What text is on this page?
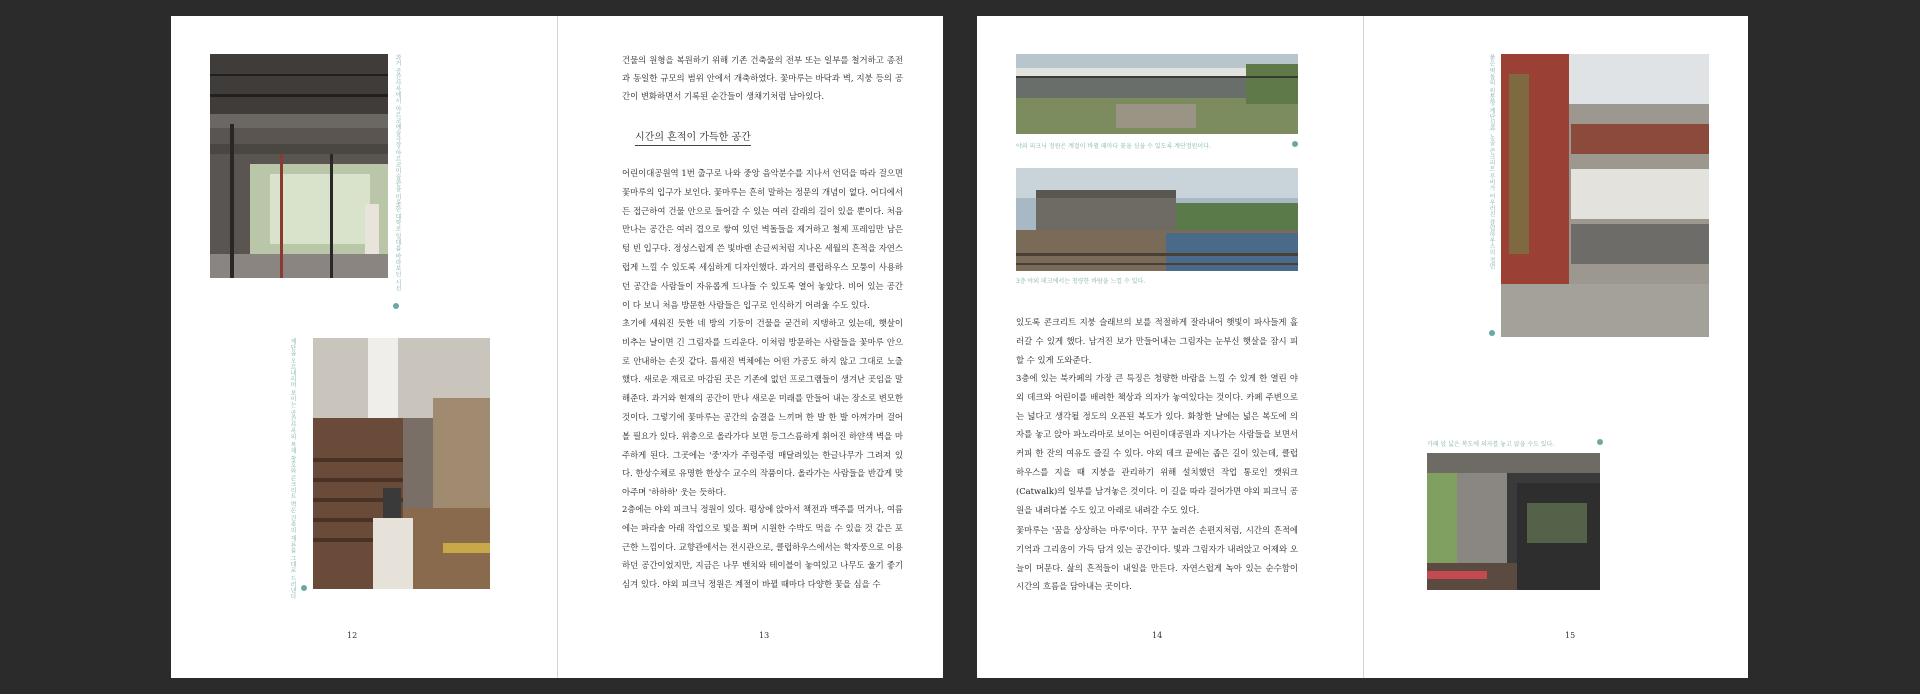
과거 공간사옥에서 아르코예술극장·아르코미술관을 비롯한 대학로 일대를 바라보던 시선
계단을 오르내리며 보이는 공간사옥의 목재 창호와 콘크리트 벽은 건축의 재료를 그대로 드러낸다
12

건물의 원형을 복원하기 위해 기존 건축물의 전부 또는 일부를 철거하고 종전과 동일한 규모의 범위 안에서 개축하였다. 꽃마루는 바닥과 벽, 지붕 등의 공간이 변화하면서 기록된 순간들이 생채기처럼 남아있다.

시간의 흔적이 가득한 공간

어린이대공원역 1번 출구로 나와 중앙 음악분수를 지나서 언덕을 따라 걸으면 꽃마루의 입구가 보인다. 꽃마루는 흔히 말하는 정문의 개념이 없다. 어디에서든 접근하여 건물 안으로 들어갈 수 있는 여러 갈래의 길이 있을 뿐이다. 처음 만나는 공간은 여러 겹으로 쌓여 있던 벽돌들을 제거하고 철제 프레임만 남은 텅 빈 입구다. 정성스럽게 쓴 빛바랜 손글씨처럼 지나온 세월의 흔적을 자연스럽게 느낄 수 있도록 세심하게 디자인했다. 과거의 클럽하우스 모퉁이 사용하던 공간을 사람들이 자유롭게 드나들 수 있도록 열어 놓았다. 비어 있는 공간이 다 보니 처음 방문한 사람들은 입구로 인식하기 어려울 수도 있다.

초기에 세워진 듯한 네 방의 기둥이 건물을 굳건히 지탱하고 있는데, 햇살이 비추는 날이면 긴 그림자를 드리운다. 이처럼 방문하는 사람들을 꽃마루 안으로 안내하는 손짓 같다. 틈새진 벽체에는 어떤 가공도 하지 않고 그대로 노출했다. 새로운 재료로 마감된 곳은 기존에 없던 프로그램들이 생겨난 곳임을 말해준다. 과거와 현재의 공간이 만나 새로운 미래를 만들어 내는 장소로 변모한 것이다. 그렇기에 꽃마루는 공간의 숨결을 느끼며 한 발 한 발 아껴가며 걸어볼 필요가 있다. 위층으로 올라가다 보면 등그스름하게 휘어진 하얀색 벽을 마주하게 된다. 그곳에는 '중'자가 주렁주렁 매달려있는 한글나무가 그려져 있다. 한상수체로 유명한 한상수 교수의 작품이다. 올라가는 사람들을 반갑게 맞아주며 '하하하' 웃는 듯하다.

2층에는 야외 피크닉 정원이 있다. 평상에 앉아서 책전과 맥주를 먹거나, 여름에는 파라솔 아래 작업으로 빛을 쬐며 시원한 수박도 먹을 수 있을 것 같은 포근한 느낌이다. 교향관에서는 전시관으로, 클럽하우스에서는 학자풍으로 이용하던 공간이었지만, 지금은 나무 벤치와 테이블이 놓여있고 나무도 울기 좋기 심겨 있다. 야외 피크닉 정원은 계절이 바뀔 때마다 다양한 꽃을 심을 수

13
야외 피크닉 정원은 계절이 바뀔 때마다 꽃을 심을 수 있도록 계단정원이다.
3층 야외 데크에서는 청량한 바람을 느낄 수 있다.

있도록 콘크리트 지붕 슬래브의 보를 적절하게 잘라내어 햇빛이 파사들게 흘러갈 수 있게 했다. 남겨진 보가 만들어내는 그림자는 눈부신 햇살을 잠시 피할 수 있게 도와준다.

3층에 있는 북카페의 가장 큰 특징은 청량한 바람을 느낄 수 있게 한 열린 야외 데크와 어린이를 배려한 책상과 의자가 놓여있다는 것이다. 카페 주변으로는 넓다고 생각될 정도의 오픈된 복도가 있다. 화창한 날에는 넓은 복도에 의자를 놓고 앉아 파노라마로 보이는 어린이대공원과 지나가는 사람들을 보면서 커피 한 잔의 여유도 즐길 수 있다. 야외 데크 끝에는 좁은 길이 있는데, 클럽하우스를 지을 때 지붕을 관리하기 위해 설치했던 작업 통로인 캣워크(Catwalk)의 일부를 남겨놓은 것이다. 이 길을 따라 걸어가면 야외 피크닉 공원을 내려다볼 수도 있고 아래로 내려갈 수도 있다.

꽃마루는 '꿈을 상상하는 마루'이다. 꾸꾸 눌러쓴 손편지처럼, 시간의 흔적에 기억과 그리움이 가득 담겨 있는 공간이다. 빛과 그림자가 내려앉고 어제와 오늘이 머문다. 삶의 흔적들이 내일을 만든다. 자연스럽게 녹아 있는 순수함이 시간의 흐름을 담아내는 곳이다.

14
붉은 벽돌의 원통형 계단실과 노출 콘크리트 루버가 어우러진 클럽하우스의 정면
카페 앞 넓은 복도에 의자를 놓고 앉을 수도 있다.
15
